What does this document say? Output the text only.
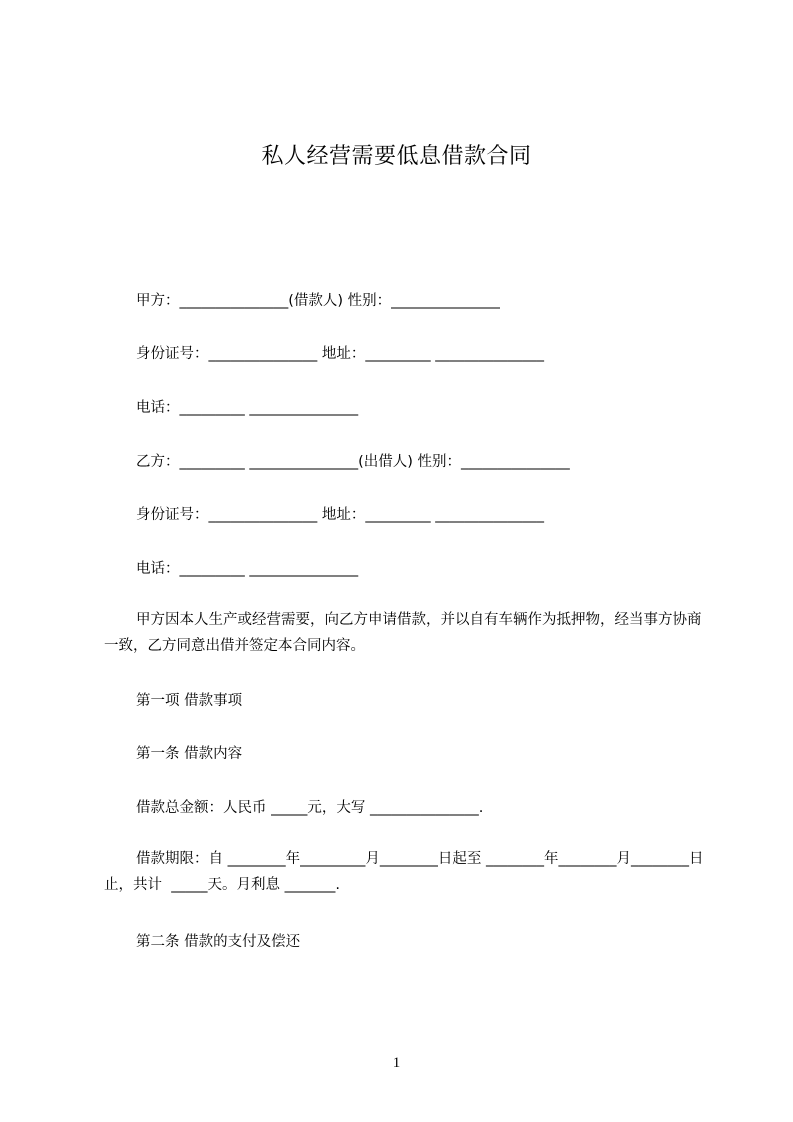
私人经营需要低息借款合同
甲方：_______________(借款人) 性别：_______________
身份证号：_______________ 地址：_________ _______________
电话：_________ _______________
乙方：_________ _______________(出借人) 性别：_______________
身份证号：_______________ 地址：_________ _______________
电话：_________ _______________
甲方因本人生产或经营需要，向乙方申请借款，并以自有车辆作为抵押物，经当事方协商一致，乙方同意出借并签定本合同内容。
第一项 借款事项
第一条 借款内容
借款总金额：人民币 _____元，大写 _______________.
借款期限：自 ________年_________月________日起至 ________年________月________日止，共计  _____天。月利息 _______.
第二条 借款的支付及偿还
1
